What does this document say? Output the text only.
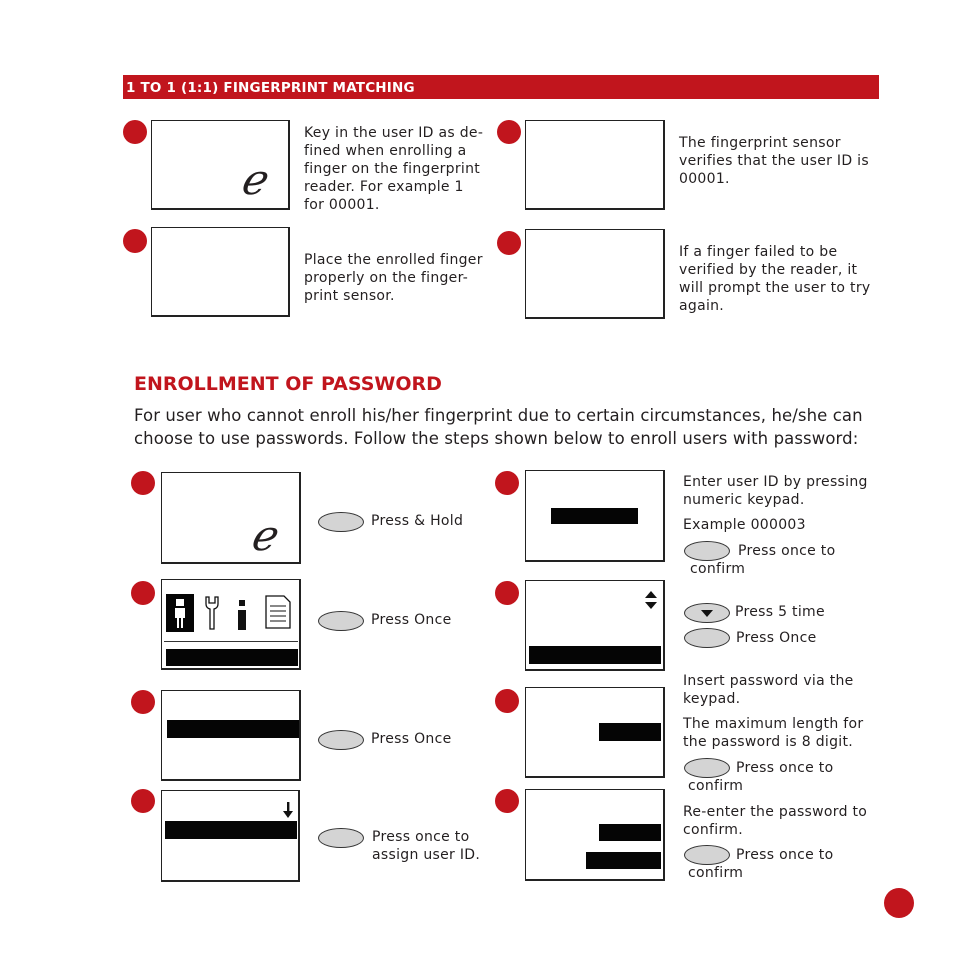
1 TO 1 (1:1) FINGERPRINT MATCHING
ℯ
Key in the user ID as de-
fined when enrolling a
finger on the fingerprint
reader. For example 1
for 00001.
Place the enrolled finger
properly on the finger-
print sensor.
The fingerprint sensor
verifies that the user ID is
00001.
If a finger failed to be
verified by the reader, it
will prompt the user to try
again.
ENROLLMENT OF PASSWORD
For user who cannot enroll his/her fingerprint due to certain circumstances, he/she can choose to use passwords. Follow the steps shown below to enroll users with password:
ℯ	Press & Hold
Press Once
Press Once
Press once to
assign user ID.
Enter user ID by pressing
numeric keypad.
Example 000003
Press once to
confirm
Press 5 time
Press Once
Insert password via the
keypad.
The maximum length for
the password is 8 digit.
Press once to
confirm
Re-enter the password to
confirm.
Press once to
confirm
